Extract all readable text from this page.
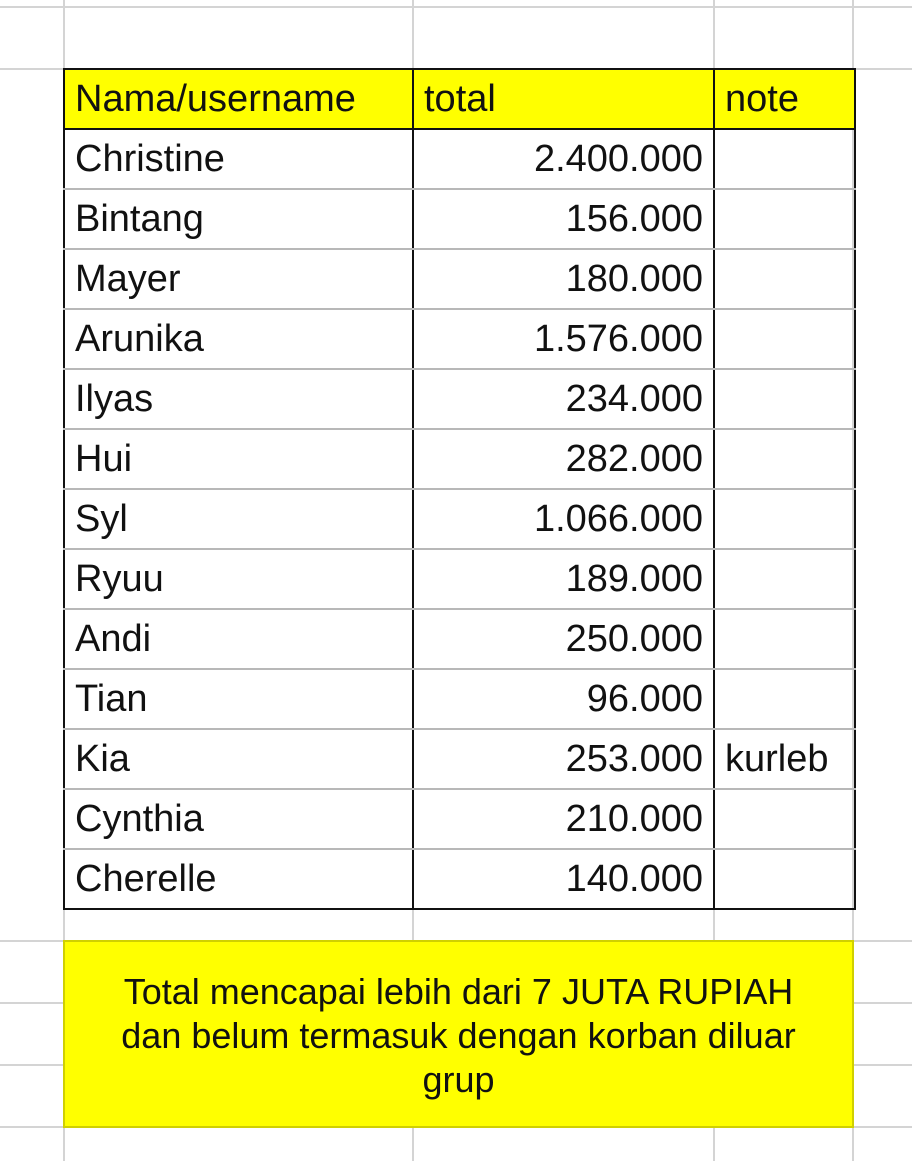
Nama/username	total	note
Christine	2.400.000	
Bintang	156.000	
Mayer	180.000	
Arunika	1.576.000	
Ilyas	234.000	
Hui	282.000	
Syl	1.066.000	
Ryuu	189.000	
Andi	250.000	
Tian	96.000	
Kia	253.000	kurleb
Cynthia	210.000	
Cherelle	140.000	
Total mencapai lebih dari 7 JUTA RUPIAH
dan belum termasuk dengan korban diluar
grup
